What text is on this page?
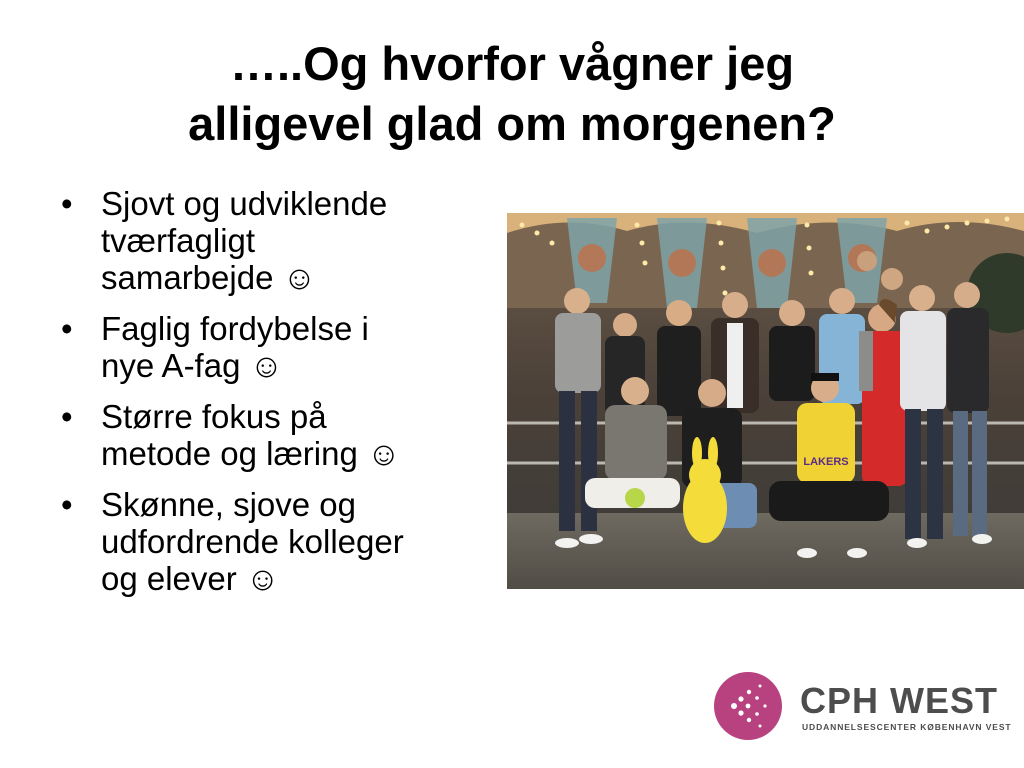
…..Og hvorfor vågner jeg
alligevel glad om morgenen?
• Sjovt og udviklende
tværfagligt
samarbejde ☺
• Faglig fordybelse i
nye A-fag ☺
• Større fokus på
metode og læring ☺
• Skønne, sjove og
udfordrende kolleger
og elever ☺
LAKERS
CPH WEST
UDDANNELSESCENTER KØBENHAVN VEST
